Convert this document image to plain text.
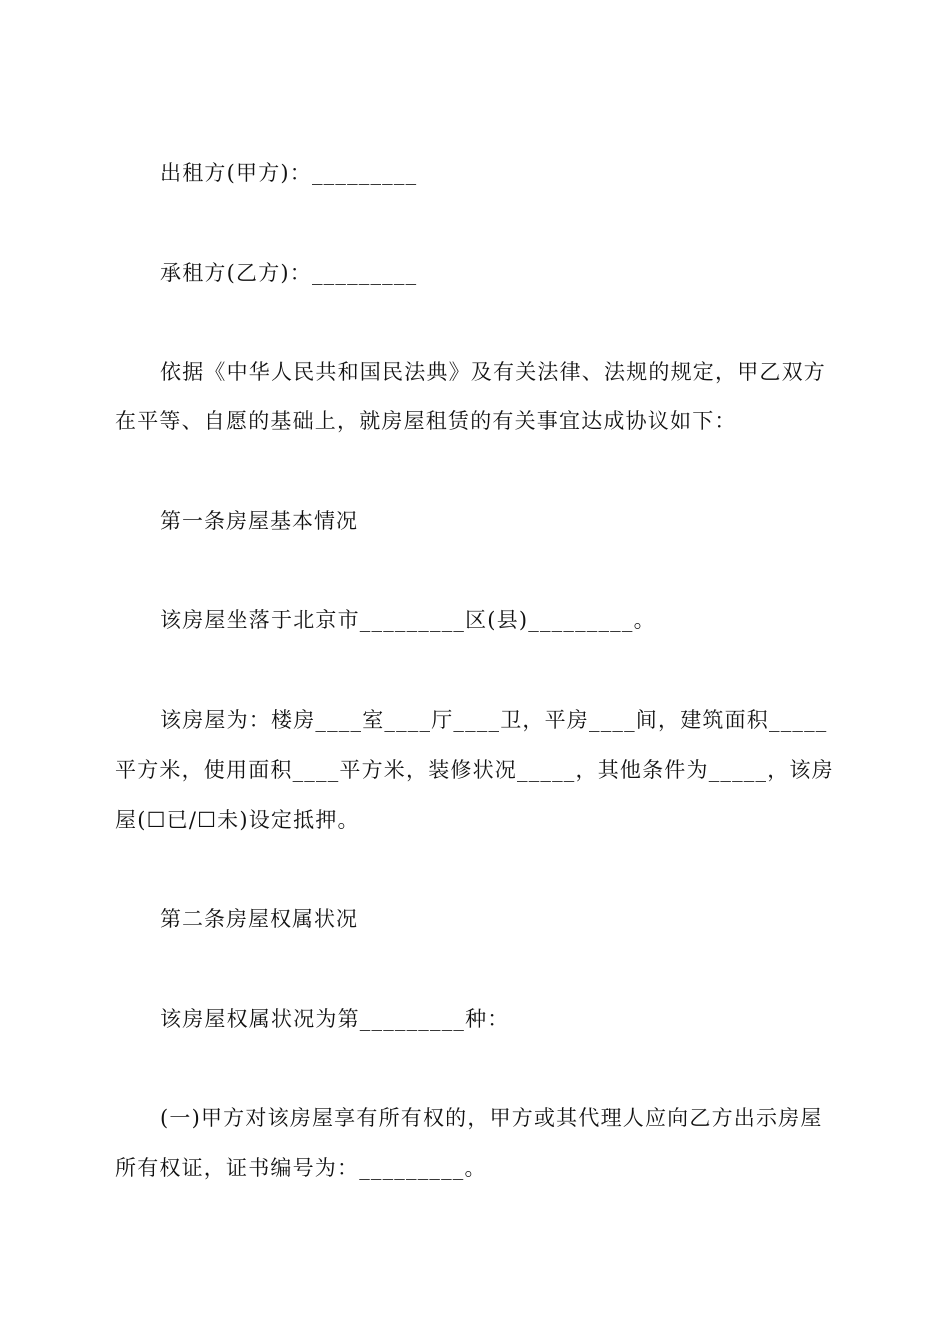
出租方(甲方)：_________
承租方(乙方)：_________
依据《中华人民共和国民法典》及有关法律、法规的规定，甲乙双方
在平等、自愿的基础上，就房屋租赁的有关事宜达成协议如下：
第一条房屋基本情况
该房屋坐落于北京市_________区(县)_________。
该房屋为：楼房____室____厅____卫，平房____间，建筑面积_____
平方米，使用面积____平方米，装修状况_____，其他条件为_____，该房
屋(☐已/☐未)设定抵押。
第二条房屋权属状况
该房屋权属状况为第_________种：
(一)甲方对该房屋享有所有权的，甲方或其代理人应向乙方出示房屋
所有权证，证书编号为：_________。
